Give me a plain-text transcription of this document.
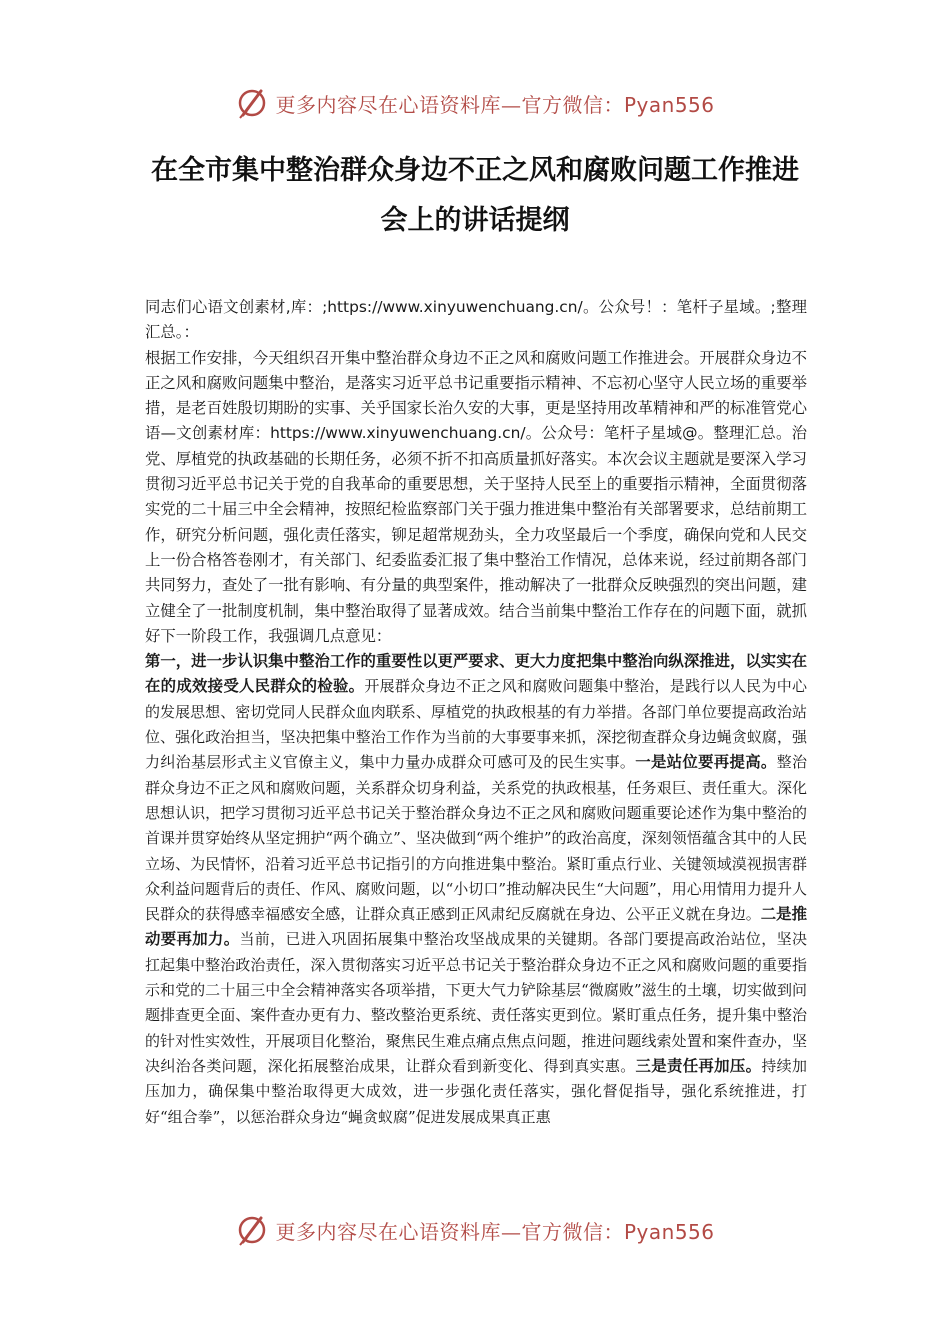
更多内容尽在心语资料库—官方微信：Pyan556
在全市集中整治群众身边不正之风和腐败问题工作推进会上的讲话提纲

同志们心语文创素材,库：;https://www.xinyuwenchuang.cn/。公众号！：笔杆子星域。;整理汇总。：

根据工作安排，今天组织召开集中整治群众身边不正之风和腐败问题工作推进会。开展群众身边不正之风和腐败问题集中整治，是落实习近平总书记重要指示精神、不忘初心坚守人民立场的重要举措，是老百姓殷切期盼的实事、关乎国家长治久安的大事，更是坚持用改革精神和严的标准管党心语—文创素材库：https://www.xinyuwenchuang.cn/。公众号：笔杆子星域@。整理汇总。治党、厚植党的执政基础的长期任务，必须不折不扣高质量抓好落实。本次会议主题就是要深入学习贯彻习近平总书记关于党的自我革命的重要思想，关于坚持人民至上的重要指示精神，全面贯彻落实党的二十届三中全会精神，按照纪检监察部门关于强力推进集中整治有关部署要求，总结前期工作，研究分析问题，强化责任落实，铆足超常规劲头，全力攻坚最后一个季度，确保向党和人民交上一份合格答卷刚才，有关部门、纪委监委汇报了集中整治工作情况，总体来说，经过前期各部门共同努力，查处了一批有影响、有分量的典型案件，推动解决了一批群众反映强烈的突出问题，建立健全了一批制度机制，集中整治取得了显著成效。结合当前集中整治工作存在的问题下面，就抓好下一阶段工作，我强调几点意见：

第一，进一步认识集中整治工作的重要性以更严要求、更大力度把集中整治向纵深推进，以实实在在的成效接受人民群众的检验。开展群众身边不正之风和腐败问题集中整治，是践行以人民为中心的发展思想、密切党同人民群众血肉联系、厚植党的执政根基的有力举措。各部门单位要提高政治站位、强化政治担当，坚决把集中整治工作作为当前的大事要事来抓，深挖彻查群众身边蝇贪蚁腐，强力纠治基层形式主义官僚主义，集中力量办成群众可感可及的民生实事。一是站位要再提高。整治群众身边不正之风和腐败问题，关系群众切身利益，关系党的执政根基，任务艰巨、责任重大。深化思想认识，把学习贯彻习近平总书记关于整治群众身边不正之风和腐败问题重要论述作为集中整治的首课并贯穿始终从坚定拥护“两个确立”、坚决做到“两个维护”的政治高度，深刻领悟蕴含其中的人民立场、为民情怀，沿着习近平总书记指引的方向推进集中整治。紧盯重点行业、关键领域漠视损害群众利益问题背后的责任、作风、腐败问题，以“小切口”推动解决民生“大问题”，用心用情用力提升人民群众的获得感幸福感安全感，让群众真正感到正风肃纪反腐就在身边、公平正义就在身边。二是推动要再加力。当前，已进入巩固拓展集中整治攻坚战成果的关键期。各部门要提高政治站位，坚决扛起集中整治政治责任，深入贯彻落实习近平总书记关于整治群众身边不正之风和腐败问题的重要指示和党的二十届三中全会精神落实各项举措，下更大气力铲除基层“微腐败”滋生的土壤，切实做到问题排查更全面、案件查办更有力、整改整治更系统、责任落实更到位。紧盯重点任务，提升集中整治的针对性实效性，开展项目化整治，聚焦民生难点痛点焦点问题，推进问题线索处置和案件查办，坚决纠治各类问题，深化拓展整治成果，让群众看到新变化、得到真实惠。三是责任再加压。持续加压加力，确保集中整治取得更大成效，进一步强化责任落实，强化督促指导，强化系统推进，打好“组合拳”，以惩治群众身边“蝇贪蚁腐”促进发展成果真正惠

更多内容尽在心语资料库—官方微信：Pyan556
